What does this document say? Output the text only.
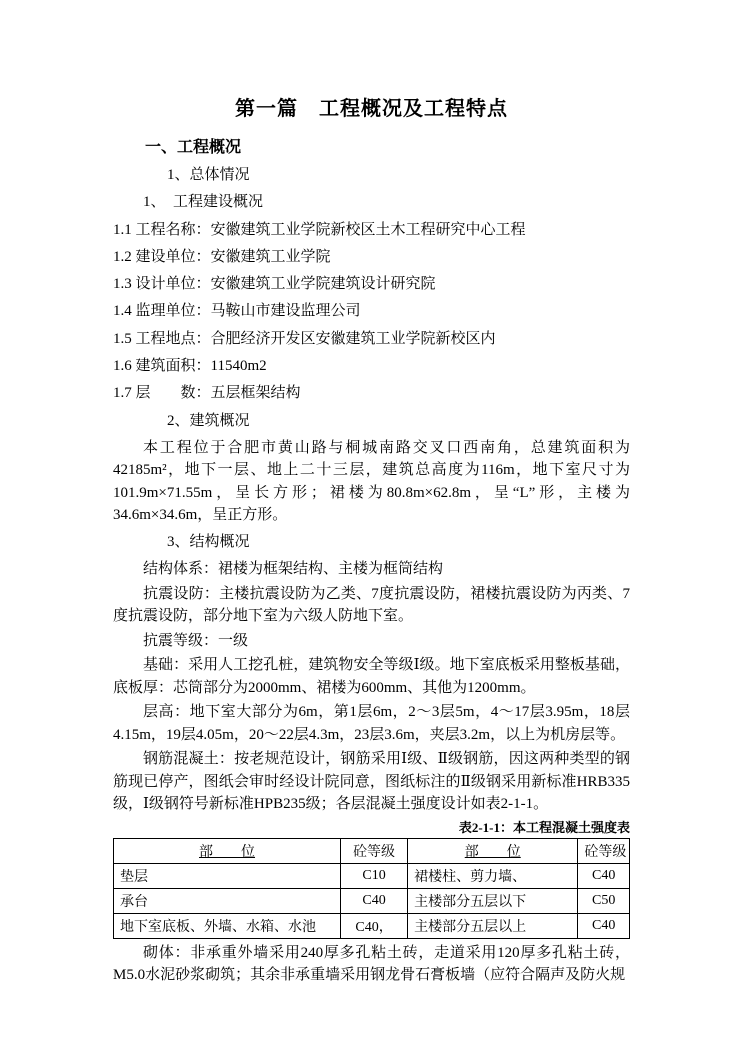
第一篇　工程概况及工程特点
一、工程概况
1、总体情况
1、　工程建设概况
1.1 工程名称：安徽建筑工业学院新校区土木工程研究中心工程
1.2 建设单位：安徽建筑工业学院
1.3 设计单位：安徽建筑工业学院建筑设计研究院
1.4 监理单位：马鞍山市建设监理公司
1.5 工程地点：合肥经济开发区安徽建筑工业学院新校区内
1.6 建筑面积：11540m2
1.7 层　　数：五层框架结构
2、建筑概况

本工程位于合肥市黄山路与桐城南路交叉口西南角，总建筑面积为42185m²，地下一层、地上二十三层，建筑总高度为116m，地下室尺寸为101.9m×71.55m，呈长方形；裙楼为80.8m×62.8m，呈“L”形，主楼为34.6m×34.6m，呈正方形。

3、结构概况

结构体系：裙楼为框架结构、主楼为框筒结构

抗震设防：主楼抗震设防为乙类、7度抗震设防，裙楼抗震设防为丙类、7度抗震设防，部分地下室为六级人防地下室。

抗震等级：一级

基础：采用人工挖孔桩，建筑物安全等级Ⅰ级。地下室底板采用整板基础，底板厚：芯筒部分为2000mm、裙楼为600mm、其他为1200mm。

层高：地下室大部分为6m，第1层6m，2～3层5m，4～17层3.95m，18层4.15m，19层4.05m，20～22层4.3m，23层3.6m，夹层3.2m，以上为机房层等。

钢筋混凝土：按老规范设计，钢筋采用Ⅰ级、Ⅱ级钢筋，因这两种类型的钢筋现已停产，图纸会审时经设计院同意，图纸标注的Ⅱ级钢采用新标准HRB335级，Ⅰ级钢符号新标准HPB235级；各层混凝土强度设计如表2-1-1。

表2-1-1：本工程混凝土强度表
部　　位	砼等级	部　　位	砼等级
垫层	C10	裙楼柱、剪力墙、	C40
承台	C40	主楼部分五层以下	C50
地下室底板、外墙、水箱、水池	C40，	主楼部分五层以上	C40

砌体：非承重外墙采用240厚多孔粘土砖，走道采用120厚多孔粘土砖，M5.0水泥砂浆砌筑；其余非承重墙采用钢龙骨石膏板墙（应符合隔声及防火规
